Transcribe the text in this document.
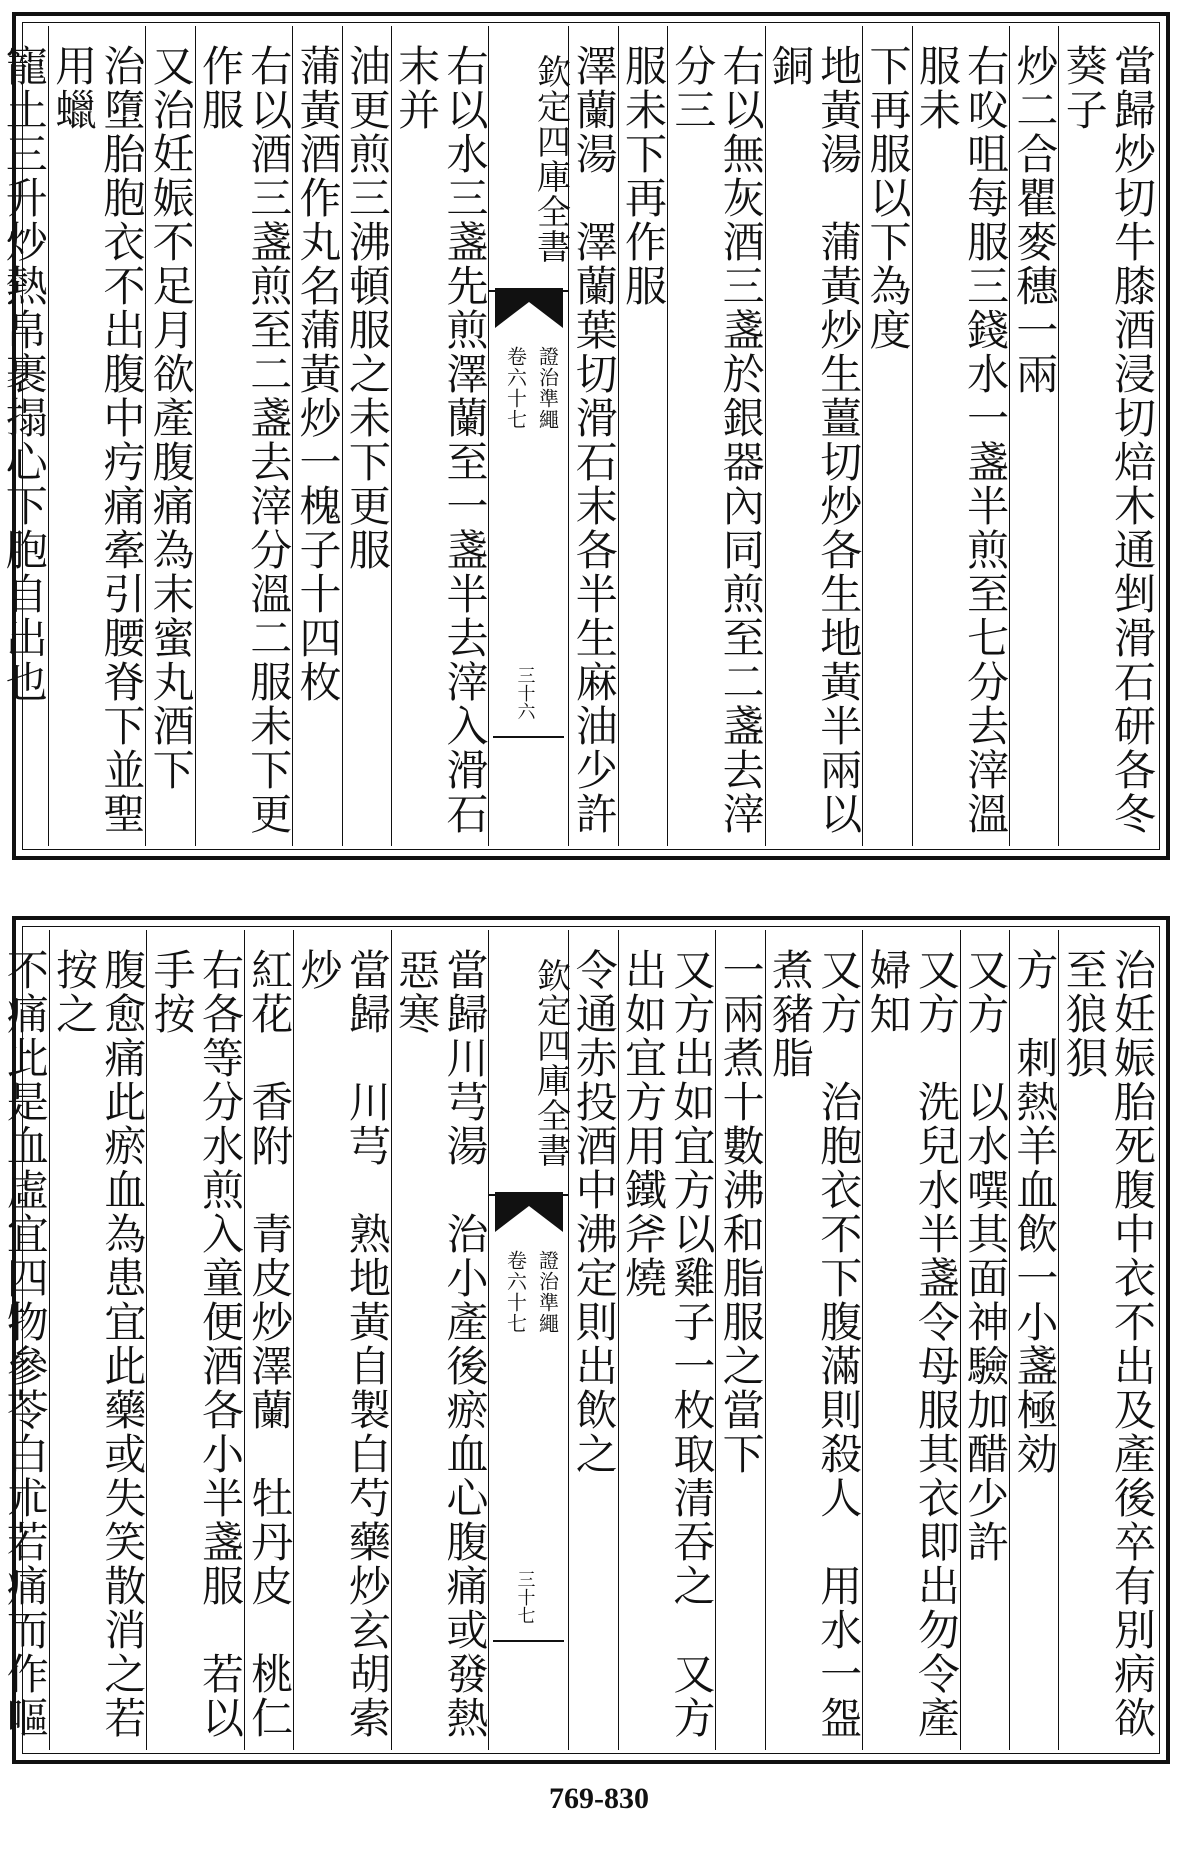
當歸炒切牛膝酒浸切焙木通剉滑石研各冬葵子
炒二合瞿麥穗一兩
右㕮咀每服三錢水一盞半煎至七分去滓溫服未
下再服以下為度
地黃湯　蒲黃炒生薑切炒各生地黃半兩以銅
右以無灰酒三盞於銀器內同煎至二盞去滓分三
服未下再作服
澤蘭湯　澤蘭葉切滑石末各半生麻油少許
欽定四庫全書
證治準繩
卷六十七
三十六
右以水三盞先煎澤蘭至一盞半去滓入滑石末并
油更煎三沸頓服之未下更服
蒲黃酒作丸名蒲黃炒一槐子十四枚
右以酒三盞煎至二盞去滓分溫二服未下更作服
又治妊娠不足月欲產腹痛為末蜜丸酒下
治墮胎胞衣不出腹中㽲痛牽引腰脊下並聖用蠟
寵土三升炒熱帛裹搨心下胞自出也
治妊娠胎死腹中衣不出及產後卒有別病欲至狼狽
方　刺熱羊血飲一小盞極効
又方　以水噀其面神驗加醋少許
又方　洗兒水半盞令母服其衣即出勿令產婦知
又方　治胞衣不下腹滿則殺人　用水一盌煮豬脂
一兩煮十數沸和脂服之當下
又方出如宜方以雞子一枚取清吞之　又方出如宜方用鐵斧燒
令通赤投酒中沸定則出飲之
欽定四庫全書
證治準繩
卷六十七
三十七
當歸川芎湯　治小產後瘀血心腹痛或發熱惡寒
當歸　川芎　熟地黃自製白芍藥炒玄胡索炒
紅花　香附　青皮炒澤蘭　牡丹皮　桃仁
右各等分水煎入童便酒各小半盞服　若以手按
腹愈痛此瘀血為患宜此藥或失笑散消之若按之
不痛此是血虛宜四物參苓白朮若痛而作嘔
769-830
